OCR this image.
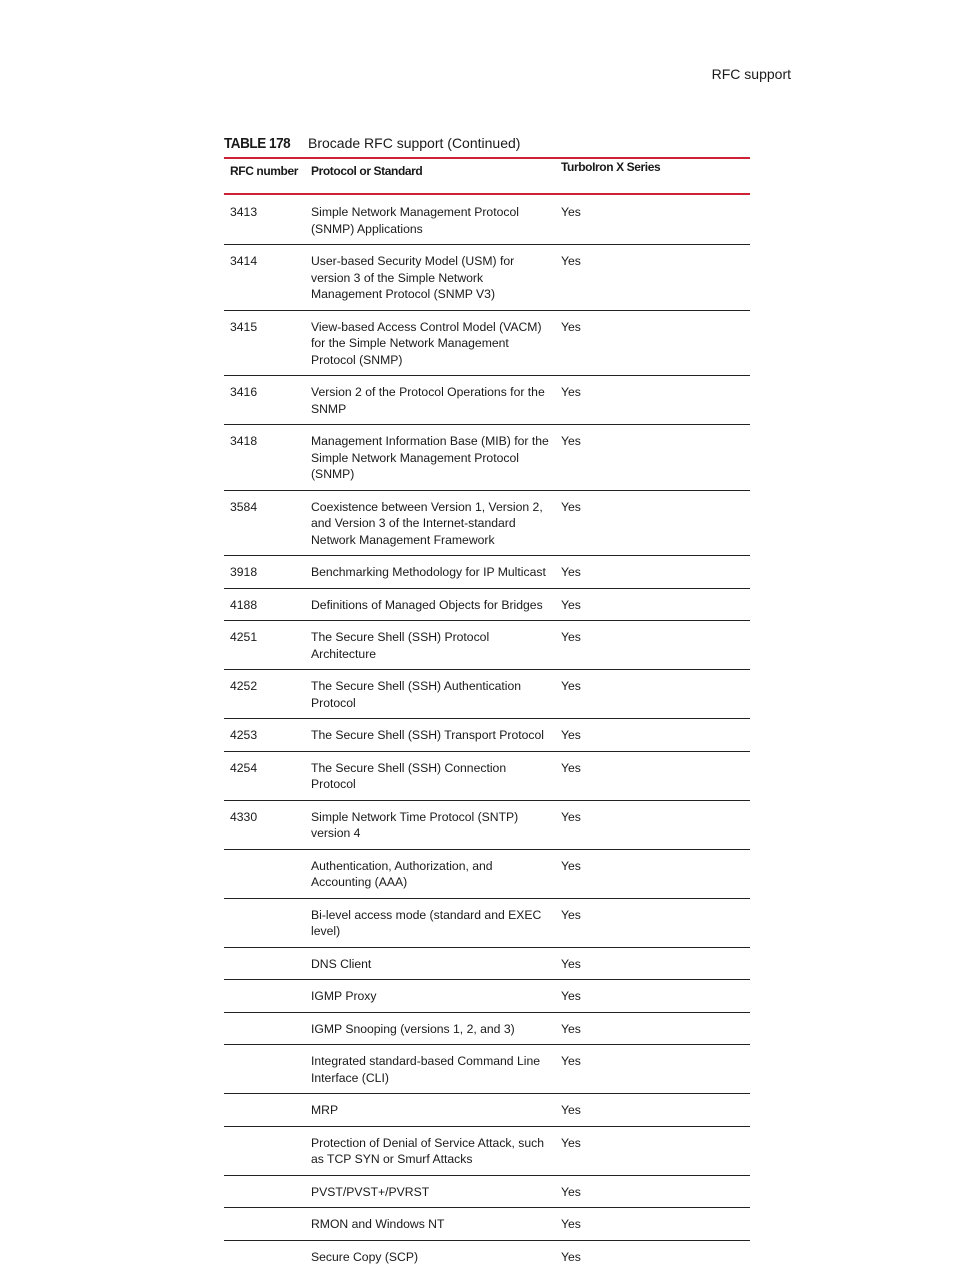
RFC support
TABLE 178 Brocade RFC support (Continued)
RFC number	Protocol or Standard	TurboIron X Series
3413	Simple Network Management Protocol (SNMP) Applications	Yes
3414	User-based Security Model (USM) for version 3 of the Simple Network Management Protocol (SNMP V3)	Yes
3415	View-based Access Control Model (VACM) for the Simple Network Management Protocol (SNMP)	Yes
3416	Version 2 of the Protocol Operations for the SNMP	Yes
3418	Management Information Base (MIB) for the Simple Network Management Protocol (SNMP)	Yes
3584	Coexistence between Version 1, Version 2, and Version 3 of the Internet-standard Network Management Framework	Yes
3918	Benchmarking Methodology for IP Multicast	Yes
4188	Definitions of Managed Objects for Bridges	Yes
4251	The Secure Shell (SSH) Protocol Architecture	Yes
4252	The Secure Shell (SSH) Authentication Protocol	Yes
4253	The Secure Shell (SSH) Transport Protocol	Yes
4254	The Secure Shell (SSH) Connection Protocol	Yes
4330	Simple Network Time Protocol (SNTP) version 4	Yes
	Authentication, Authorization, and Accounting (AAA)	Yes
	Bi-level access mode (standard and EXEC level)	Yes
	DNS Client	Yes
	IGMP Proxy	Yes
	IGMP Snooping (versions 1, 2, and 3)	Yes
	Integrated standard-based Command Line Interface (CLI)	Yes
	MRP	Yes
	Protection of Denial of Service Attack, such as TCP SYN or Smurf Attacks	Yes
	PVST/PVST+/PVRST	Yes
	RMON and Windows NT	Yes
	Secure Copy (SCP)	Yes
